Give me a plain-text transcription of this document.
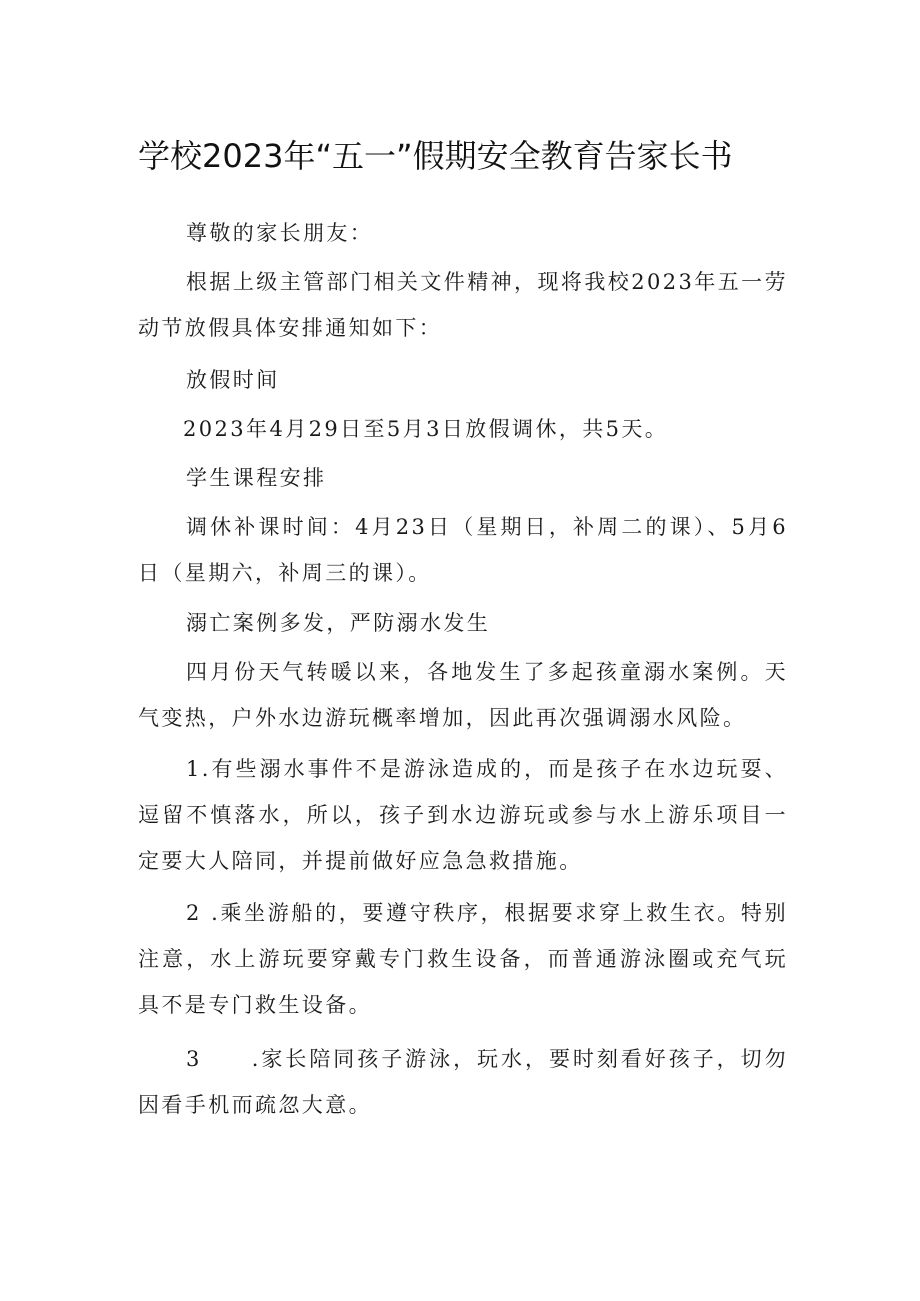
学校2023年“五一”假期安全教育告家长书

尊敬的家长朋友：

根据上级主管部门相关文件精神，现将我校2023年五一劳动节放假具体安排通知如下：

放假时间

2023年4月29日至5月3日放假调休，共5天。

学生课程安排

调休补课时间：4月23日（星期日，补周二的课）、5月6日（星期六，补周三的课）。

溺亡案例多发，严防溺水发生

四月份天气转暖以来，各地发生了多起孩童溺水案例。天气变热，户外水边游玩概率增加，因此再次强调溺水风险。

1.有些溺水事件不是游泳造成的，而是孩子在水边玩耍、逗留不慎落水，所以，孩子到水边游玩或参与水上游乐项目一定要大人陪同，并提前做好应急急救措施。

2 .乘坐游船的，要遵守秩序，根据要求穿上救生衣。特别注意，水上游玩要穿戴专门救生设备，而普通游泳圈或充气玩具不是专门救生设备。

3 .家长陪同孩子游泳，玩水，要时刻看好孩子，切勿因看手机而疏忽大意。
